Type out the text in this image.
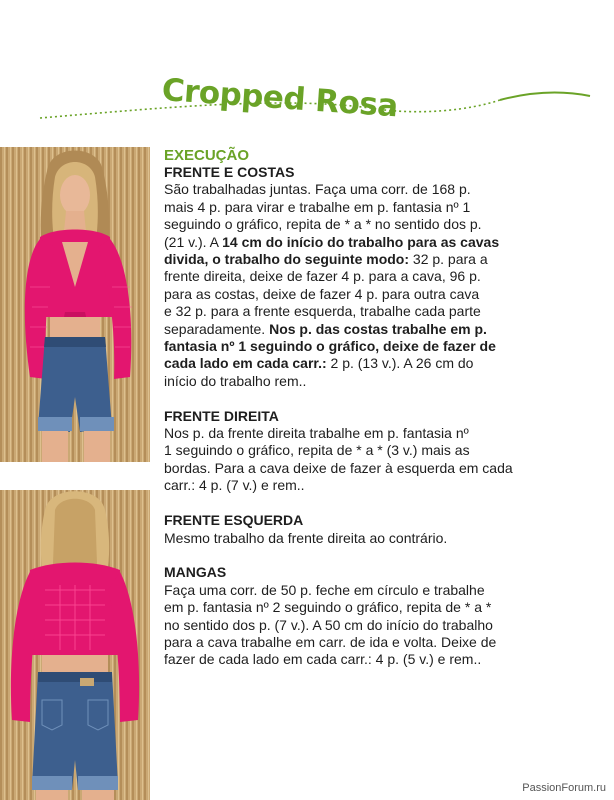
Cropped Rosa

EXECUÇÃO

FRENTE E COSTAS

São trabalhadas juntas. Faça uma corr. de 168 p.

mais 4 p. para virar e trabalhe em p. fantasia nº 1

seguindo o gráfico, repita de * a * no sentido dos p.

(21 v.). A 14 cm do início do trabalho para as cavas

divida, o trabalho do seguinte modo: 32 p. para a

frente direita, deixe de fazer 4 p. para a cava, 96 p.

para as costas, deixe de fazer 4 p. para outra cava

e 32 p. para a frente esquerda, trabalhe cada parte

separadamente. Nos p. das costas trabalhe em p.

fantasia nº 1 seguindo o gráfico, deixe de fazer de

cada lado em cada carr.: 2 p. (13 v.). A 26 cm do

início do trabalho rem..

FRENTE DIREITA

Nos p. da frente direita trabalhe em p. fantasia nº

1 seguindo o gráfico, repita de * a * (3 v.) mais as

bordas. Para a cava deixe de fazer à esquerda em cada

carr.: 4 p. (7 v.) e rem..

FRENTE ESQUERDA

Mesmo trabalho da frente direita ao contrário.

MANGAS

Faça uma corr. de 50 p. feche em círculo e trabalhe

em p. fantasia nº 2 seguindo o gráfico, repita de * a *

no sentido dos p. (7 v.). A 50 cm do início do trabalho

para a cava trabalhe em carr. de ida e volta. Deixe de

fazer de cada lado em cada carr.: 4 p. (5 v.) e rem..

PassionForum.ru
